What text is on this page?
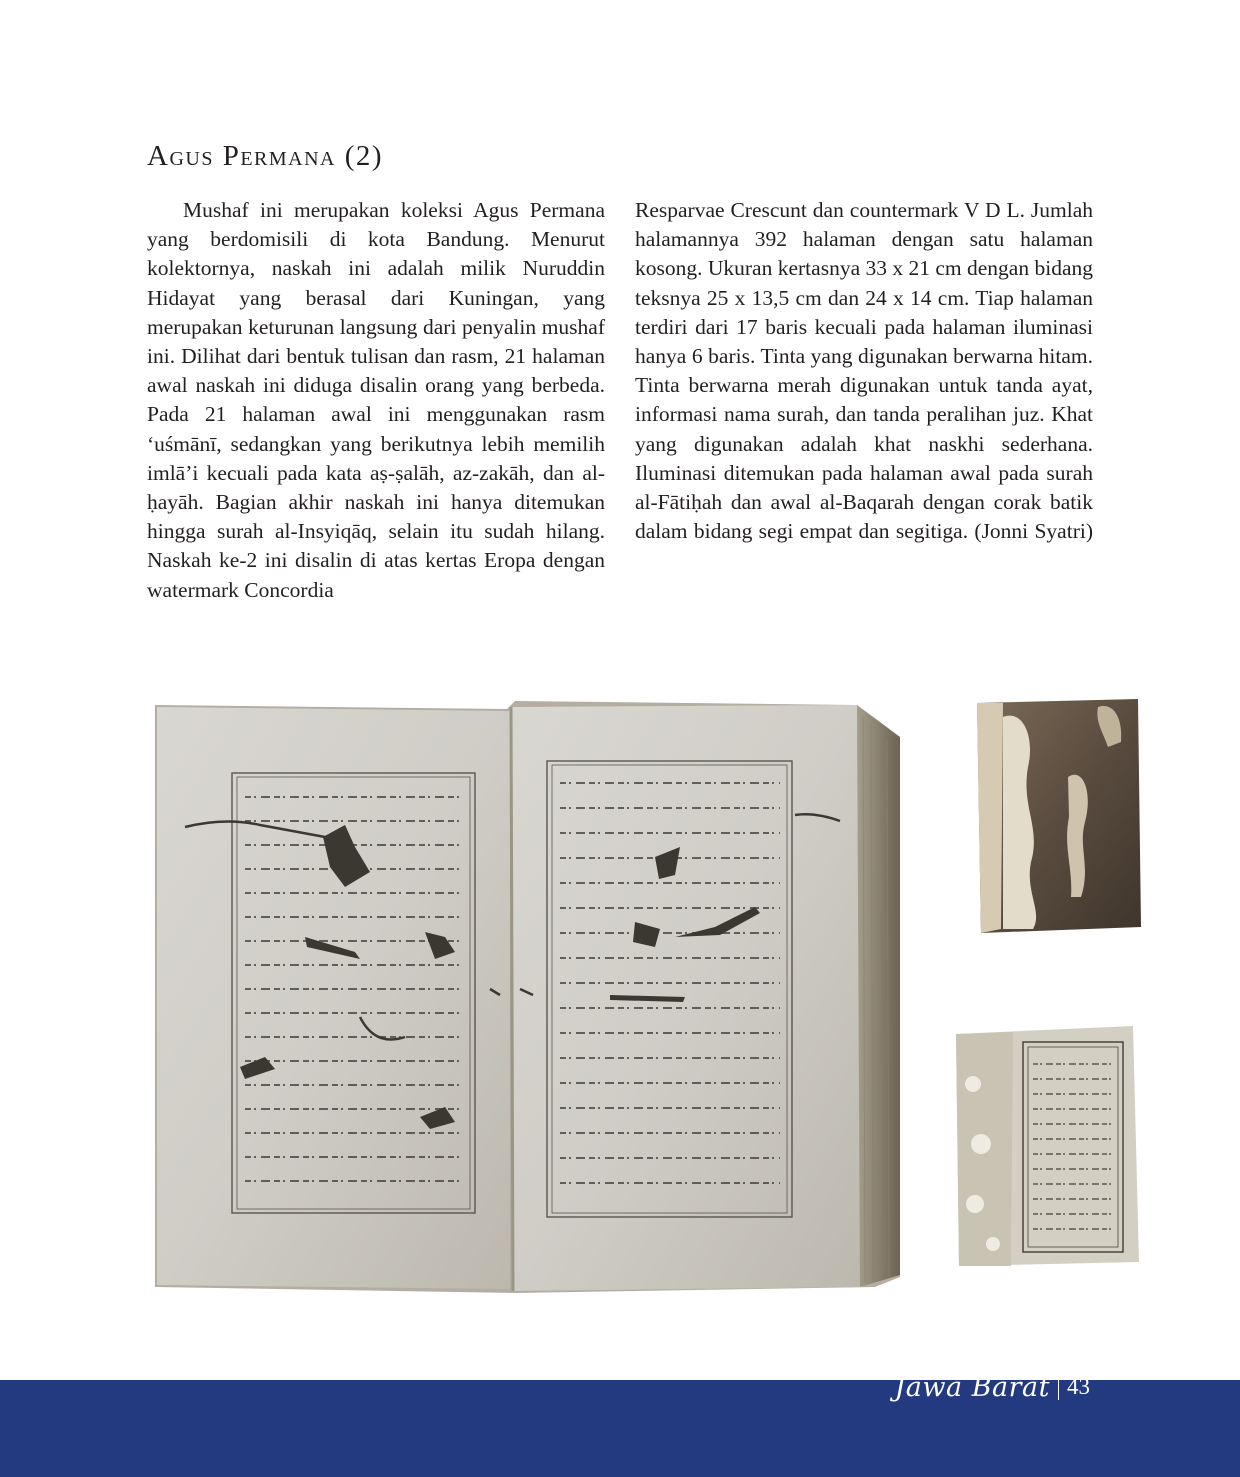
Agus Permana (2)

Mushaf ini merupakan koleksi Agus Permana yang berdomisili di kota Bandung. Menurut kolektornya, naskah ini adalah milik Nuruddin Hidayat yang berasal dari Kuningan, yang merupakan keturunan langsung dari penyalin mushaf ini. Dilihat dari bentuk tulisan dan rasm, 21 halaman awal naskah ini diduga disalin orang yang berbeda. Pada 21 halaman awal ini menggunakan rasm ‘uśmānī, sedangkan yang berikutnya lebih memilih imlā’i kecuali pada kata aṣ-ṣalāh, az-zakāh, dan al-ḥayāh. Bagian akhir naskah ini hanya ditemukan hingga surah al-Insyiqāq, selain itu sudah hilang. Naskah ke-2 ini disalin di atas kertas Eropa dengan watermark Concordia

Resparvae Crescunt dan countermark V D L. Jumlah halamannya 392 halaman dengan satu halaman kosong. Ukuran kertasnya 33 x 21 cm dengan bidang teksnya 25 x 13,5 cm dan 24 x 14 cm. Tiap halaman terdiri dari 17 baris kecuali pada halaman iluminasi hanya 6 baris. Tinta yang digunakan berwarna hitam. Tinta berwarna merah digunakan untuk tanda ayat, informasi nama surah, dan tanda peralihan juz. Khat yang digunakan adalah khat naskhi sederhana. Iluminasi ditemukan pada halaman awal pada surah al-Fātiḥah dan awal al-Baqarah dengan corak batik dalam bidang segi empat dan segitiga. (Jonni Syatri)

Jawa Barat 43
